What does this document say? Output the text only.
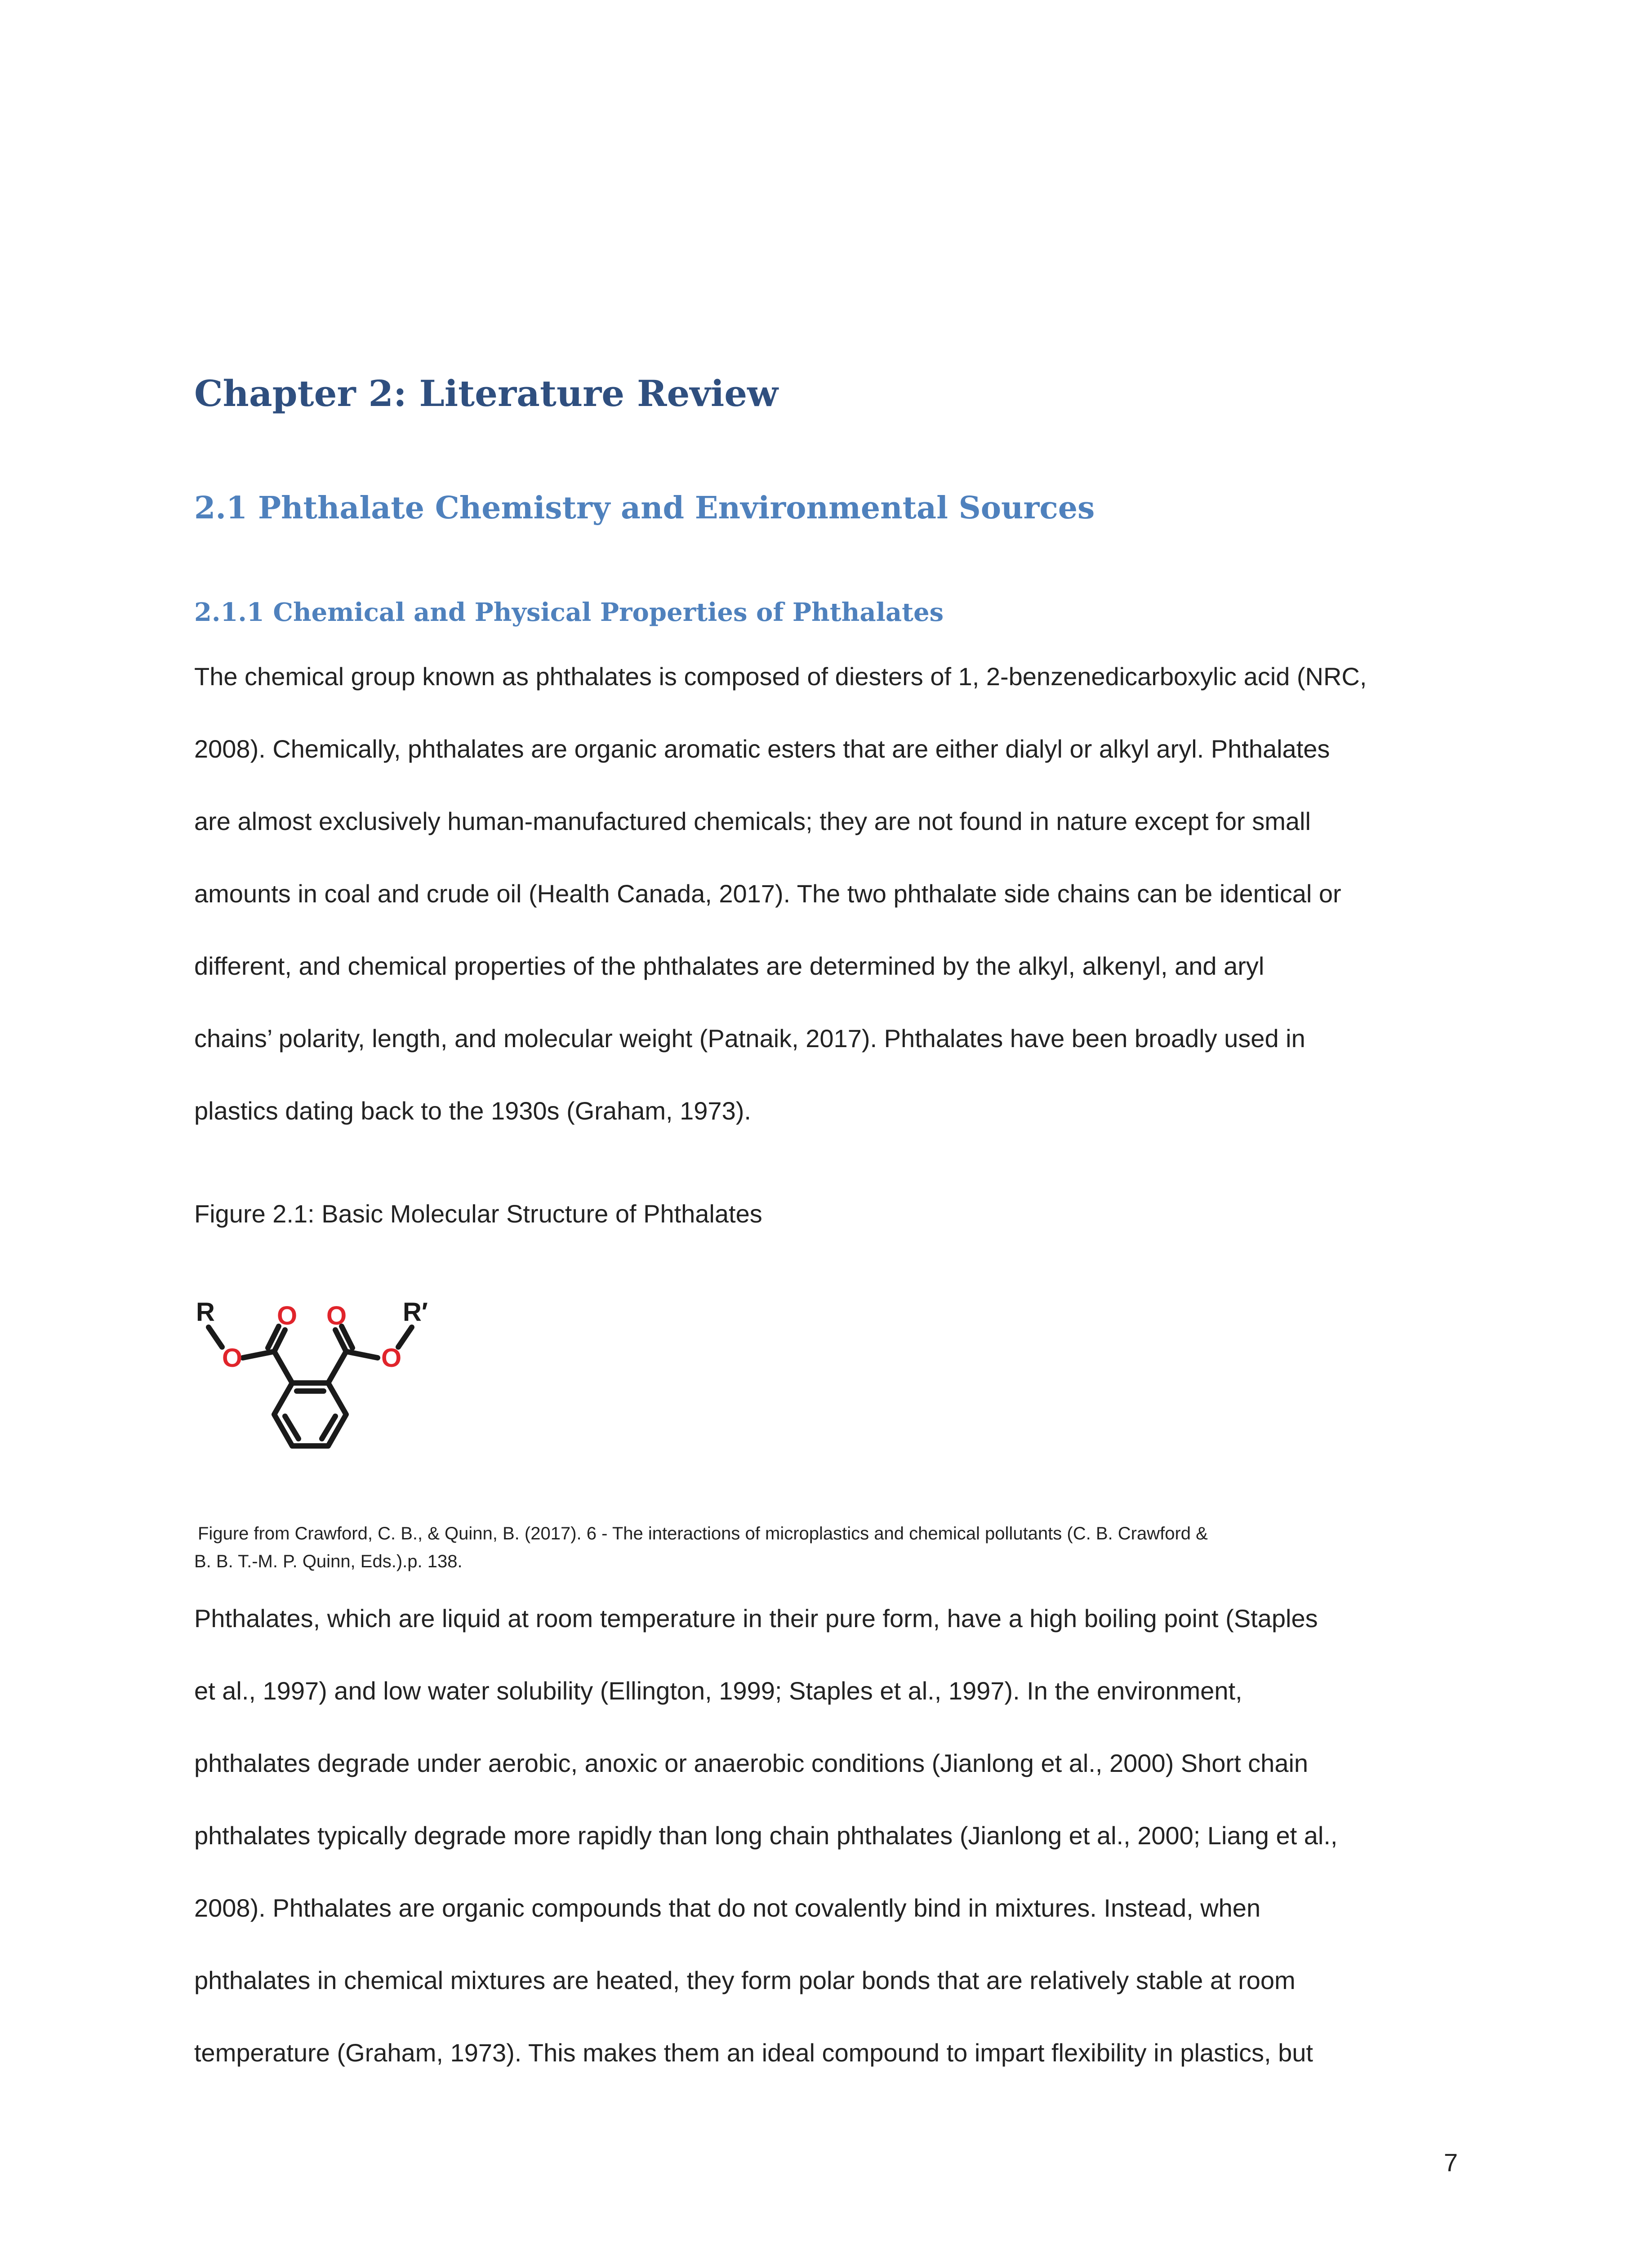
Chapter 2: Literature Review
2.1 Phthalate Chemistry and Environmental Sources
2.1.1 Chemical and Physical Properties of Phthalates
The chemical group known as phthalates is composed of diesters of 1, 2-benzenedicarboxylic acid (NRC,
2008). Chemically, phthalates are organic aromatic esters that are either dialyl or alkyl aryl. Phthalates
are almost exclusively human-manufactured chemicals; they are not found in nature except for small
amounts in coal and crude oil (Health Canada, 2017). The two phthalate side chains can be identical or
different, and chemical properties of the phthalates are determined by the alkyl, alkenyl, and aryl
chains’ polarity, length, and molecular weight (Patnaik, 2017). Phthalates have been broadly used in
plastics dating back to the 1930s (Graham, 1973).

Figure 2.1: Basic Molecular Structure of Phthalates

R	R′
O O
O	O

Figure from Crawford, C. B., & Quinn, B. (2017). 6 - The interactions of microplastics and chemical pollutants (C. B. Crawford &

B. B. T.-M. P. Quinn, Eds.).p. 138.

Phthalates, which are liquid at room temperature in their pure form, have a high boiling point (Staples
et al., 1997) and low water solubility (Ellington, 1999; Staples et al., 1997). In the environment,
phthalates degrade under aerobic, anoxic or anaerobic conditions (Jianlong et al., 2000) Short chain
phthalates typically degrade more rapidly than long chain phthalates (Jianlong et al., 2000; Liang et al.,
2008). Phthalates are organic compounds that do not covalently bind in mixtures. Instead, when
phthalates in chemical mixtures are heated, they form polar bonds that are relatively stable at room
temperature (Graham, 1973). This makes them an ideal compound to impart flexibility in plastics, but

7
